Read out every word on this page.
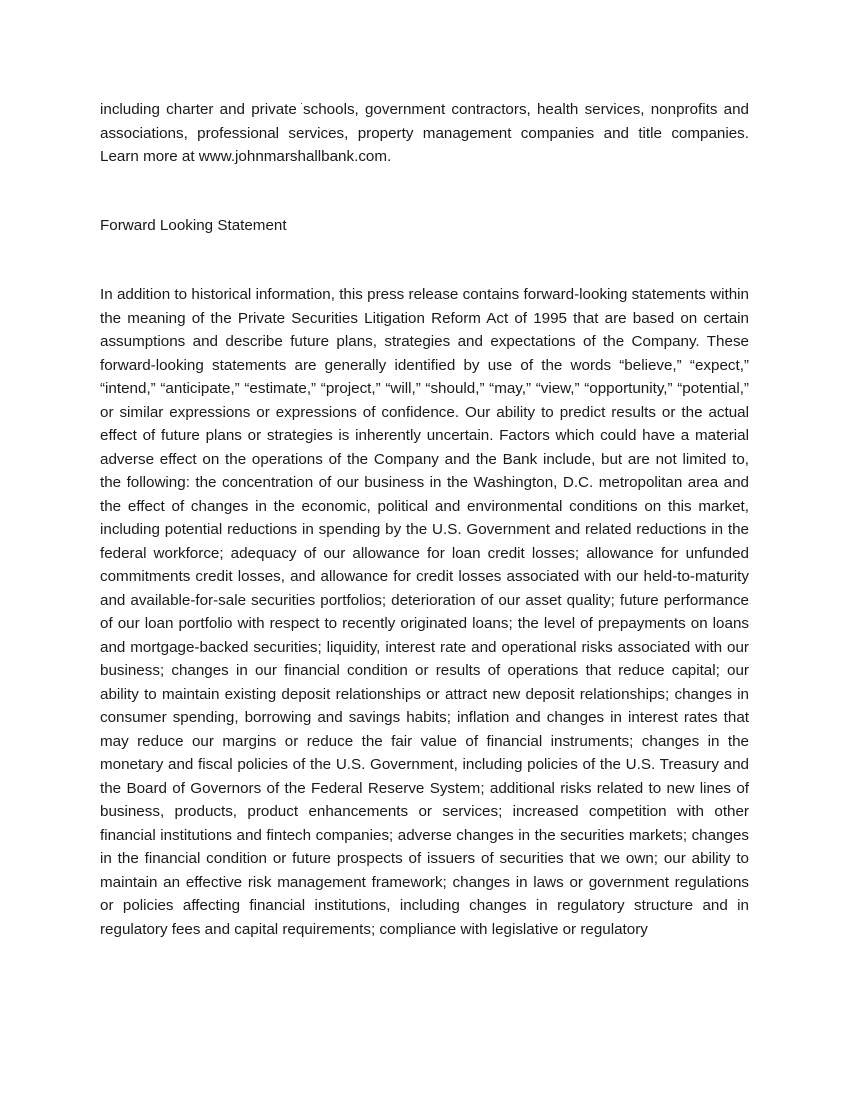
including charter and private schools, government contractors, health services, nonprofits and associations, professional services, property management companies and title companies. Learn more at www.johnmarshallbank.com.

Forward Looking Statement

In addition to historical information, this press release contains forward-looking statements within the meaning of the Private Securities Litigation Reform Act of 1995 that are based on certain assumptions and describe future plans, strategies and expectations of the Company. These forward-looking statements are generally identified by use of the words “believe,” “expect,” “intend,” “anticipate,” “estimate,” “project,” “will,” “should,” “may,” “view,” “opportunity,” “potential,” or similar expressions or expressions of confidence. Our ability to predict results or the actual effect of future plans or strategies is inherently uncertain. Factors which could have a material adverse effect on the operations of the Company and the Bank include, but are not limited to, the following: the concentration of our business in the Washington, D.C. metropolitan area and the effect of changes in the economic, political and environmental conditions on this market, including potential reductions in spending by the U.S. Government and related reductions in the federal workforce; adequacy of our allowance for loan credit losses; allowance for unfunded commitments credit losses, and allowance for credit losses associated with our held-to-maturity and available-for-sale securities portfolios; deterioration of our asset quality; future performance of our loan portfolio with respect to recently originated loans; the level of prepayments on loans and mortgage-backed securities; liquidity, interest rate and operational risks associated with our business; changes in our financial condition or results of operations that reduce capital; our ability to maintain existing deposit relationships or attract new deposit relationships; changes in consumer spending, borrowing and savings habits; inflation and changes in interest rates that may reduce our margins or reduce the fair value of financial instruments; changes in the monetary and fiscal policies of the U.S. Government, including policies of the U.S. Treasury and the Board of Governors of the Federal Reserve System; additional risks related to new lines of business, products, product enhancements or services; increased competition with other financial institutions and fintech companies; adverse changes in the securities markets; changes in the financial condition or future prospects of issuers of securities that we own; our ability to maintain an effective risk management framework; changes in laws or government regulations or policies affecting financial institutions, including changes in regulatory structure and in regulatory fees and capital requirements; compliance with legislative or regulatory
